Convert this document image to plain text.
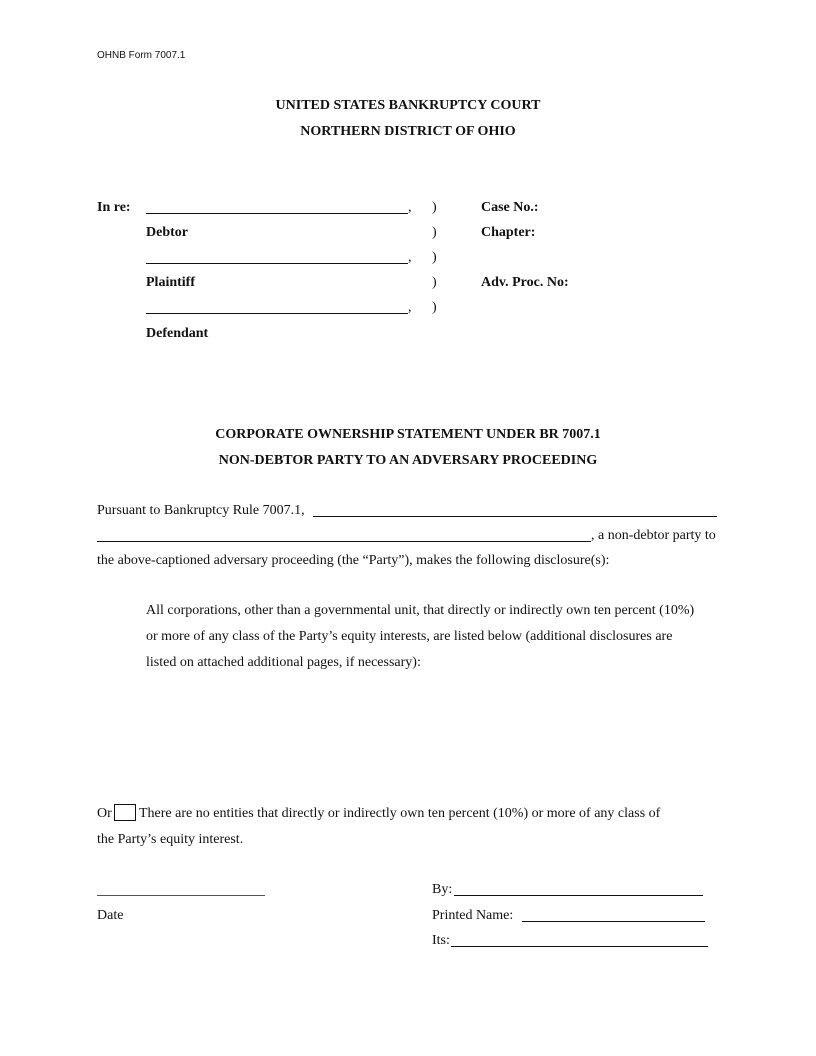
OHNB Form 7007.1
UNITED STATES BANKRUPTCY COURT
NORTHERN DISTRICT OF OHIO
In re:	,
Debtor
,
Plaintiff
,
Defendant
)
)
)
)
)
Case No.:
Chapter:
Adv. Proc. No:
CORPORATE OWNERSHIP STATEMENT UNDER BR 7007.1
NON-DEBTOR PARTY TO AN ADVERSARY PROCEEDING
Pursuant to Bankruptcy Rule 7007.1,
, a non-debtor party to
the above-captioned adversary proceeding (the “Party”), makes the following disclosure(s):
All corporations, other than a governmental unit, that directly or indirectly own ten percent (10%)
or more of any class of the Party’s equity interests, are listed below (additional disclosures are
listed on attached additional pages, if necessary):
Or There are no entities that directly or indirectly own ten percent (10%) or more of any class of
the Party’s equity interest.
Date
By:
Printed Name:
Its:
